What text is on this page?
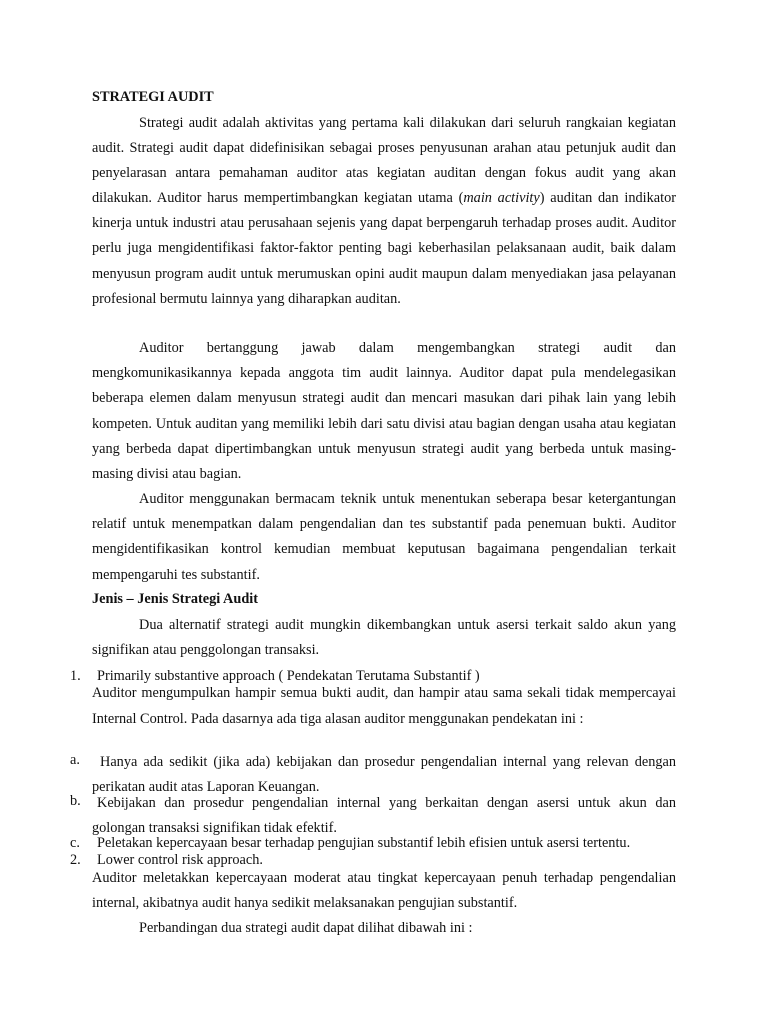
STRATEGI AUDIT
Strategi audit adalah aktivitas yang pertama kali dilakukan dari seluruh rangkaian kegiatan audit. Strategi audit dapat didefinisikan sebagai proses penyusunan arahan atau petunjuk audit dan penyelarasan antara pemahaman auditor atas kegiatan auditan dengan fokus audit yang akan dilakukan. Auditor harus mempertimbangkan kegiatan utama (main activity) auditan dan indikator kinerja untuk industri atau perusahaan sejenis yang dapat berpengaruh terhadap proses audit. Auditor perlu juga mengidentifikasi faktor-faktor penting bagi keberhasilan pelaksanaan audit, baik dalam menyusun program audit untuk merumuskan opini audit maupun dalam menyediakan jasa pelayanan profesional bermutu lainnya yang diharapkan auditan.
Auditor bertanggung jawab dalam mengembangkan strategi audit dan mengkomunikasikannya kepada anggota tim audit lainnya. Auditor dapat pula mendelegasikan beberapa elemen dalam menyusun strategi audit dan mencari masukan dari pihak lain yang lebih kompeten. Untuk auditan yang memiliki lebih dari satu divisi atau bagian dengan usaha atau kegiatan yang berbeda dapat dipertimbangkan untuk menyusun strategi audit yang berbeda untuk masing-masing divisi atau bagian.
Auditor menggunakan bermacam teknik untuk menentukan seberapa besar ketergantungan relatif untuk menempatkan dalam pengendalian dan tes substantif pada penemuan bukti. Auditor mengidentifikasikan kontrol kemudian membuat keputusan bagaimana pengendalian terkait mempengaruhi tes substantif.
Jenis – Jenis Strategi Audit
Dua alternatif strategi audit mungkin dikembangkan untuk asersi terkait saldo akun yang signifikan atau penggolongan transaksi.
1. Primarily substantive approach ( Pendekatan Terutama Substantif )
Auditor mengumpulkan hampir semua bukti audit, dan hampir atau sama sekali tidak mempercayai Internal Control. Pada dasarnya ada tiga alasan auditor menggunakan pendekatan ini :
a.	Hanya ada sedikit (jika ada) kebijakan dan prosedur pengendalian internal yang relevan dengan perikatan audit atas Laporan Keuangan.
b.	Kebijakan dan prosedur pengendalian internal yang berkaitan dengan asersi untuk akun dan golongan transaksi signifikan tidak efektif.
c. Peletakan kepercayaan besar terhadap pengujian substantif lebih efisien untuk asersi tertentu.
2. Lower control risk approach.
Auditor meletakkan kepercayaan moderat atau tingkat kepercayaan penuh terhadap pengendalian internal, akibatnya audit hanya sedikit melaksanakan pengujian substantif.
Perbandingan dua strategi audit dapat dilihat dibawah ini :
